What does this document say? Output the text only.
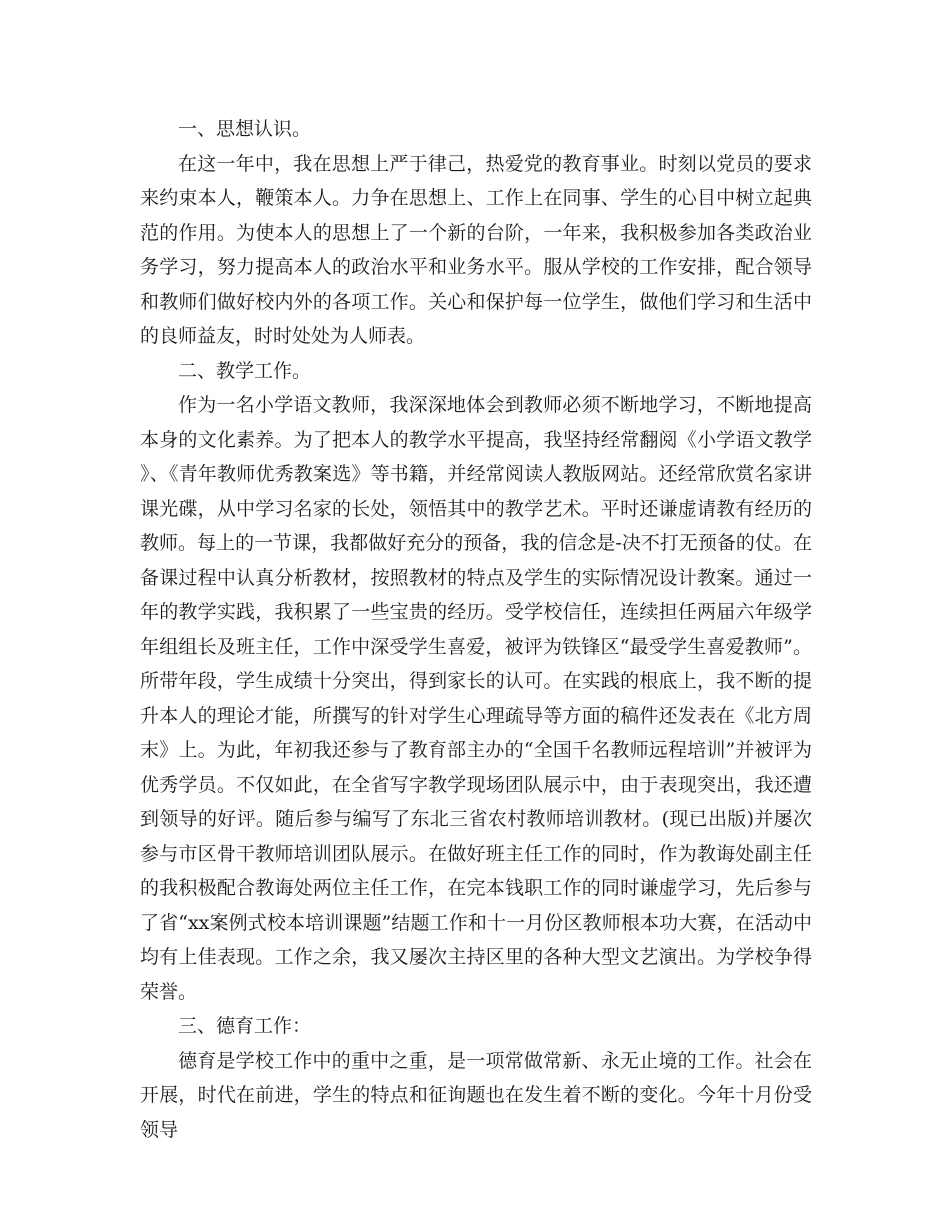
一、思想认识。

在这一年中，我在思想上严于律己，热爱党的教育事业。时刻以党员的要求来约束本人，鞭策本人。力争在思想上、工作上在同事、学生的心目中树立起典范的作用。为使本人的思想上了一个新的台阶，一年来，我积极参加各类政治业务学习，努力提高本人的政治水平和业务水平。服从学校的工作安排，配合领导和教师们做好校内外的各项工作。关心和保护每一位学生，做他们学习和生活中的良师益友，时时处处为人师表。

二、教学工作。

作为一名小学语文教师，我深深地体会到教师必须不断地学习，不断地提高本身的文化素养。为了把本人的教学水平提高，我坚持经常翻阅《小学语文教学》、《青年教师优秀教案选》等书籍，并经常阅读人教版网站。还经常欣赏名家讲课光碟，从中学习名家的长处，领悟其中的教学艺术。平时还谦虚请教有经历的教师。每上的一节课，我都做好充分的预备，我的信念是-决不打无预备的仗。在备课过程中认真分析教材，按照教材的特点及学生的实际情况设计教案。通过一年的教学实践，我积累了一些宝贵的经历。受学校信任，连续担任两届六年级学年组组长及班主任，工作中深受学生喜爱，被评为铁锋区“最受学生喜爱教师”。所带年段，学生成绩十分突出，得到家长的认可。在实践的根底上，我不断的提升本人的理论才能，所撰写的针对学生心理疏导等方面的稿件还发表在《北方周末》上。为此，年初我还参与了教育部主办的“全国千名教师远程培训”并被评为优秀学员。不仅如此，在全省写字教学现场团队展示中，由于表现突出，我还遭到领导的好评。随后参与编写了东北三省农村教师培训教材。(现已出版)并屡次参与市区骨干教师培训团队展示。在做好班主任工作的同时，作为教诲处副主任的我积极配合教诲处两位主任工作，在完本钱职工作的同时谦虚学习，先后参与了省“xx案例式校本培训课题”结题工作和十一月份区教师根本功大赛，在活动中均有上佳表现。工作之余，我又屡次主持区里的各种大型文艺演出。为学校争得荣誉。

三、德育工作：

德育是学校工作中的重中之重，是一项常做常新、永无止境的工作。社会在开展，时代在前进，学生的特点和征询题也在发生着不断的变化。今年十月份受领导
